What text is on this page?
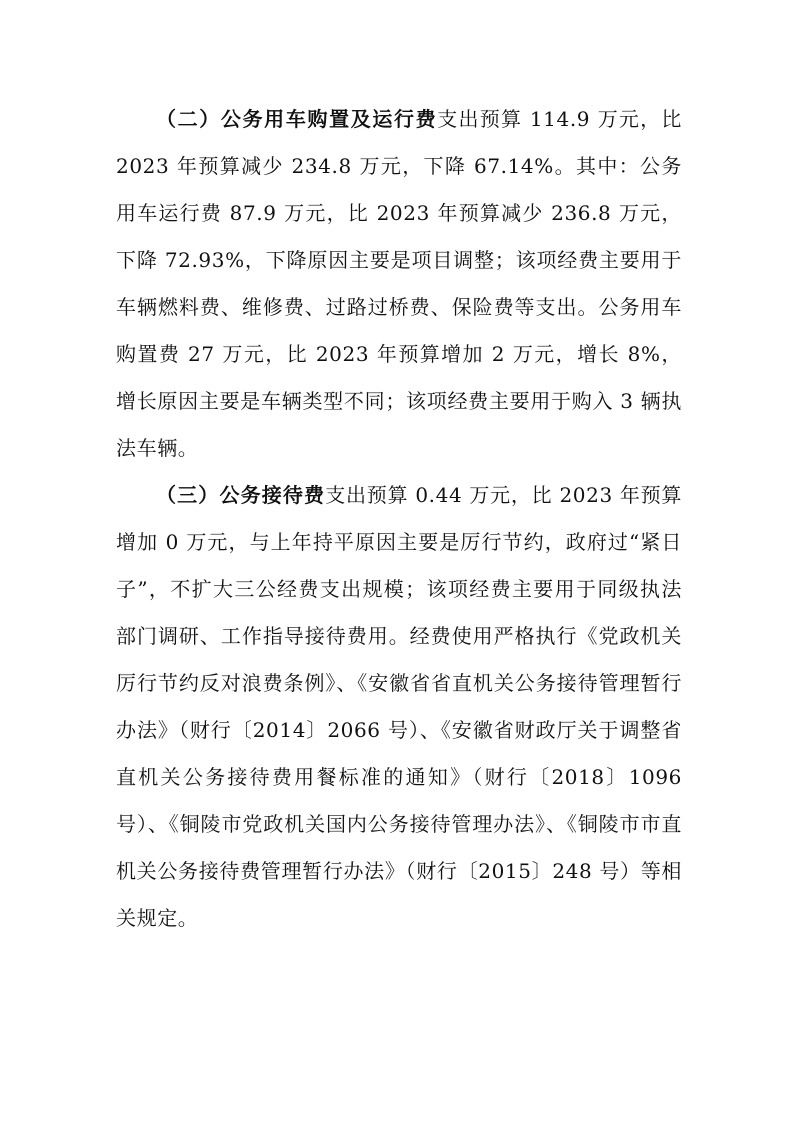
（二）公务用车购置及运行费支出预算 114.9 万元，比 2023 年预算减少 234.8 万元，下降 67.14%。其中：公务用车运行费 87.9 万元，比 2023 年预算减少 236.8 万元，下降 72.93%，下降原因主要是项目调整；该项经费主要用于车辆燃料费、维修费、过路过桥费、保险费等支出。公务用车购置费 27 万元，比 2023 年预算增加 2 万元，增长 8%，增长原因主要是车辆类型不同；该项经费主要用于购入 3 辆执法车辆。

（三）公务接待费支出预算 0.44 万元，比 2023 年预算增加 0 万元，与上年持平原因主要是厉行节约，政府过“紧日子”，不扩大三公经费支出规模；该项经费主要用于同级执法部门调研、工作指导接待费用。经费使用严格执行《党政机关厉行节约反对浪费条例》、《安徽省省直机关公务接待管理暂行办法》（财行〔2014〕2066 号）、《安徽省财政厅关于调整省直机关公务接待费用餐标准的通知》（财行〔2018〕1096 号）、《铜陵市党政机关国内公务接待管理办法》、《铜陵市市直机关公务接待费管理暂行办法》（财行〔2015〕248 号）等相关规定。
